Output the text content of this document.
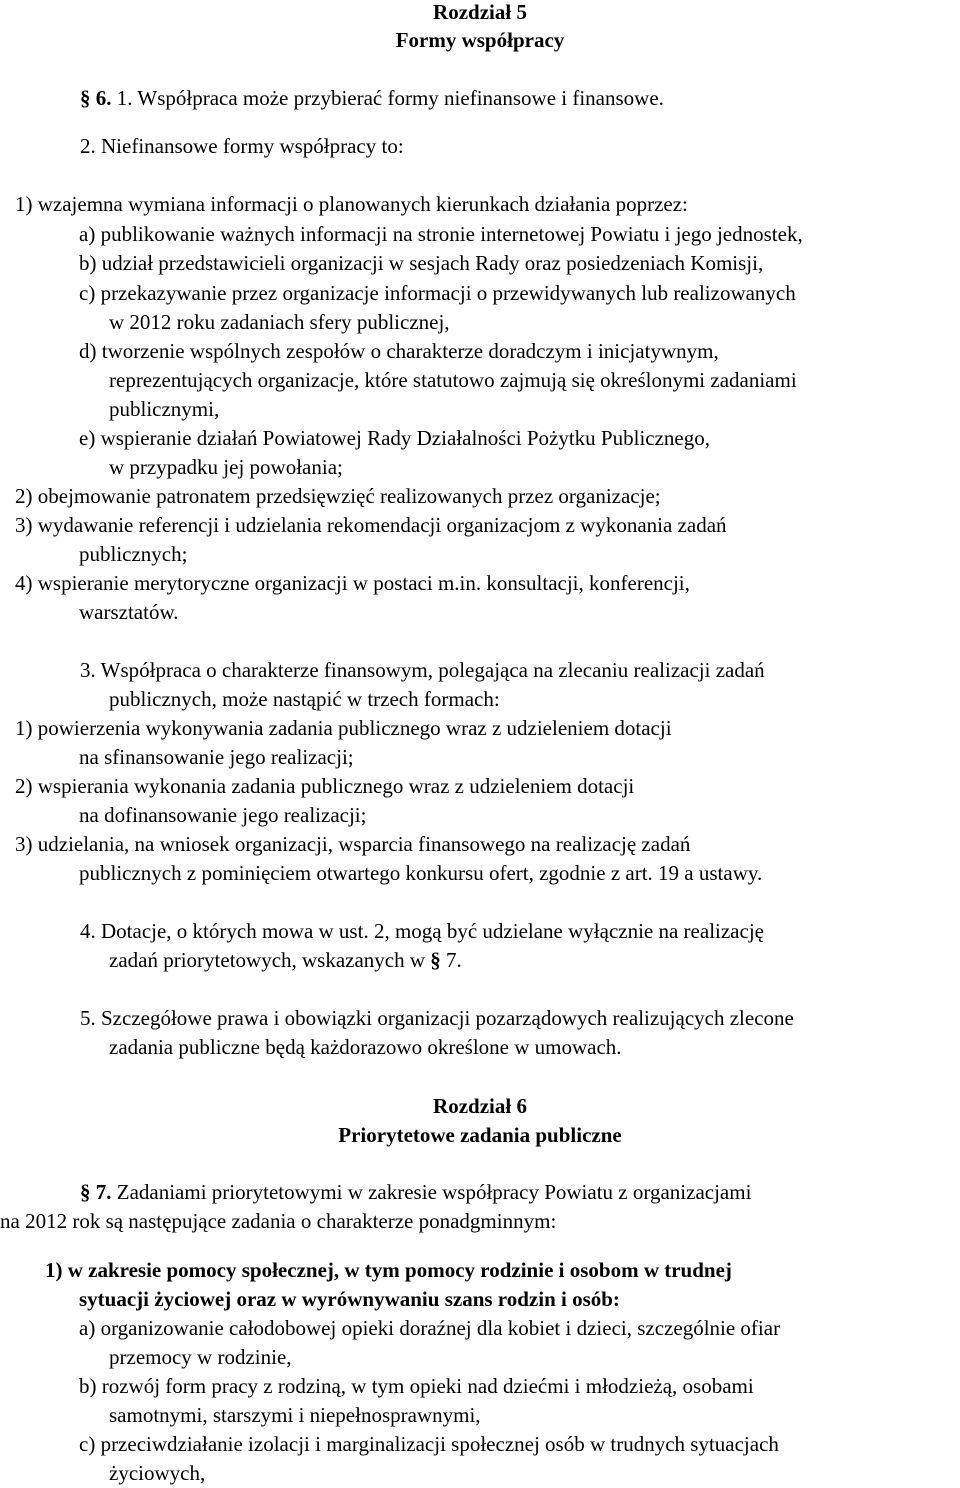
Rozdział 5
Formy współpracy
§ 6. 1. Współpraca może przybierać formy niefinansowe i finansowe.
2. Niefinansowe formy współpracy to:
1) wzajemna wymiana informacji o planowanych kierunkach działania poprzez:
a) publikowanie ważnych informacji na stronie internetowej Powiatu i jego jednostek,
b) udział przedstawicieli organizacji w sesjach Rady oraz posiedzeniach Komisji,
c) przekazywanie przez organizacje informacji o przewidywanych lub realizowanych
w 2012 roku zadaniach sfery publicznej,
d) tworzenie wspólnych zespołów o charakterze doradczym i inicjatywnym,
reprezentujących organizacje, które statutowo zajmują się określonymi zadaniami
publicznymi,
e) wspieranie działań Powiatowej Rady Działalności Pożytku Publicznego,
w przypadku jej powołania;
2) obejmowanie patronatem przedsięwzięć realizowanych przez organizacje;
3) wydawanie referencji i udzielania rekomendacji organizacjom z wykonania zadań
publicznych;
4) wspieranie merytoryczne organizacji w postaci m.in. konsultacji, konferencji,
warsztatów.
3. Współpraca o charakterze finansowym, polegająca na zlecaniu realizacji zadań
publicznych, może nastąpić w trzech formach:
1) powierzenia wykonywania zadania publicznego wraz z udzieleniem dotacji
na sfinansowanie jego realizacji;
2) wspierania wykonania zadania publicznego wraz z udzieleniem dotacji
na dofinansowanie jego realizacji;
3) udzielania, na wniosek organizacji, wsparcia finansowego na realizację zadań
publicznych z pominięciem otwartego konkursu ofert, zgodnie z art. 19 a ustawy.
4. Dotacje, o których mowa w ust. 2, mogą być udzielane wyłącznie na realizację
zadań priorytetowych, wskazanych w § 7.
5. Szczegółowe prawa i obowiązki organizacji pozarządowych realizujących zlecone
zadania publiczne będą każdorazowo określone w umowach.
Rozdział 6
Priorytetowe zadania publiczne
§ 7. Zadaniami priorytetowymi w zakresie współpracy Powiatu z organizacjami
na 2012 rok są następujące zadania o charakterze ponadgminnym:
1) w zakresie pomocy społecznej, w tym pomocy rodzinie i osobom w trudnej
sytuacji życiowej oraz w wyrównywaniu szans rodzin i osób:
a) organizowanie całodobowej opieki doraźnej dla kobiet i dzieci, szczególnie ofiar
przemocy w rodzinie,
b) rozwój form pracy z rodziną, w tym opieki nad dziećmi i młodzieżą, osobami
samotnymi, starszymi i niepełnosprawnymi,
c) przeciwdziałanie izolacji i marginalizacji społecznej osób w trudnych sytuacjach
życiowych,
